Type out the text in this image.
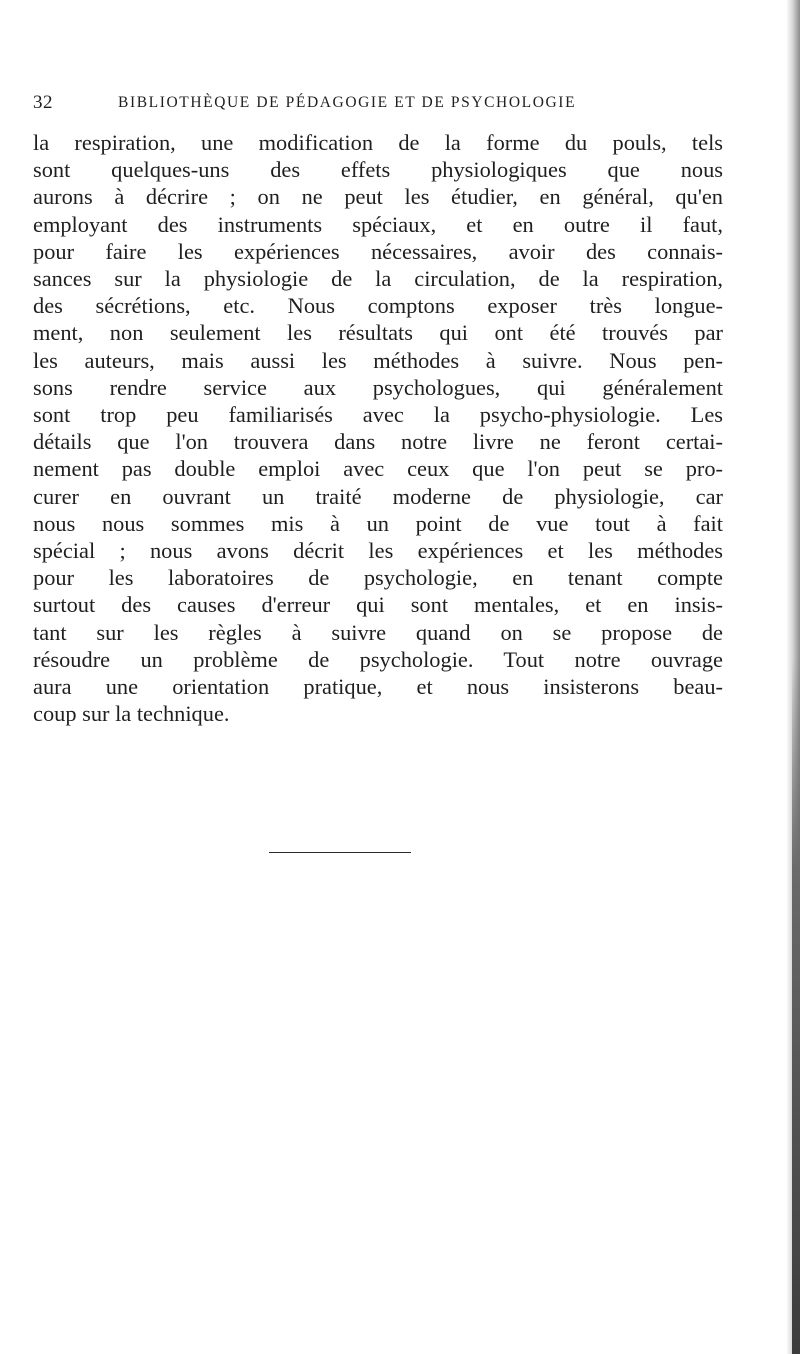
32	BIBLIOTHÈQUE DE PÉDAGOGIE ET DE PSYCHOLOGIE
la respiration, une modification de la forme du pouls, tels
sont quelques-uns des effets physiologiques que nous
aurons à décrire ; on ne peut les étudier, en général, qu'en
employant des instruments spéciaux, et en outre il faut,
pour faire les expériences nécessaires, avoir des connais-
sances sur la physiologie de la circulation, de la respiration,
des sécrétions, etc. Nous comptons exposer très longue-
ment, non seulement les résultats qui ont été trouvés par
les auteurs, mais aussi les méthodes à suivre. Nous pen-
sons rendre service aux psychologues, qui généralement
sont trop peu familiarisés avec la psycho-physiologie. Les
détails que l'on trouvera dans notre livre ne feront certai-
nement pas double emploi avec ceux que l'on peut se pro-
curer en ouvrant un traité moderne de physiologie, car
nous nous sommes mis à un point de vue tout à fait
spécial ; nous avons décrit les expériences et les méthodes
pour les laboratoires de psychologie, en tenant compte
surtout des causes d'erreur qui sont mentales, et en insis-
tant sur les règles à suivre quand on se propose de
résoudre un problème de psychologie. Tout notre ouvrage
aura une orientation pratique, et nous insisterons beau-
coup sur la technique.
